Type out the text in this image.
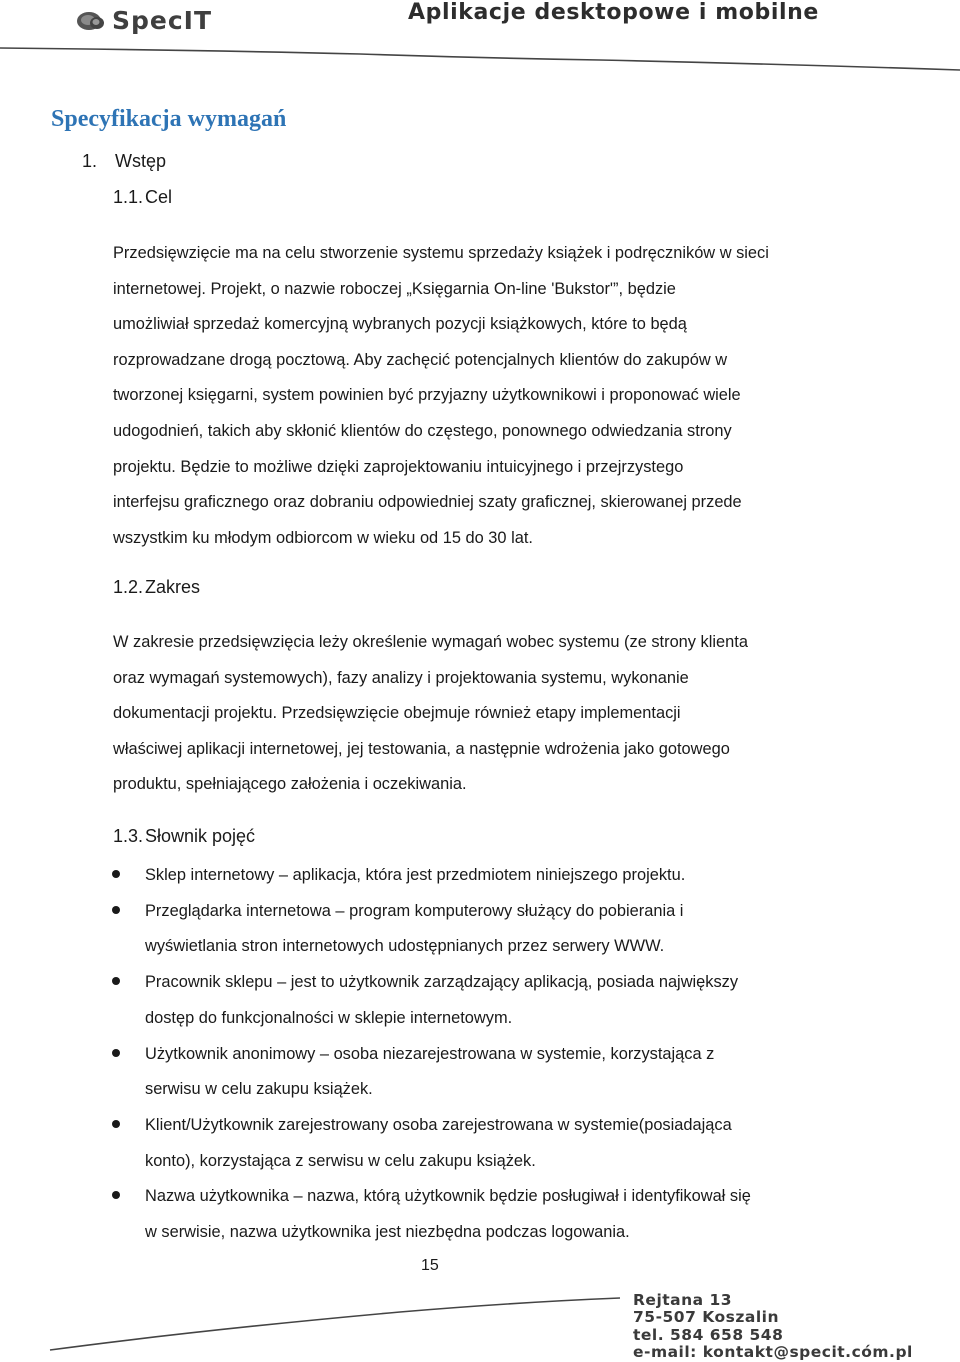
SpecIT	Aplikacje desktopowe i mobilne
Specyfikacja wymagań
1. Wstęp
1.1. Cel
Przedsięwzięcie ma na celu stworzenie systemu sprzedaży książek i podręczników w sieci
internetowej. Projekt, o nazwie roboczej „Księgarnia On-line 'Bukstor'”, będzie
umożliwiał sprzedaż komercyjną wybranych pozycji książkowych, które to będą
rozprowadzane drogą pocztową. Aby zachęcić potencjalnych klientów do zakupów w
tworzonej księgarni, system powinien być przyjazny użytkownikowi i proponować wiele
udogodnień, takich aby skłonić klientów do częstego, ponownego odwiedzania strony
projektu. Będzie to możliwe dzięki zaprojektowaniu intuicyjnego i przejrzystego
interfejsu graficznego oraz dobraniu odpowiedniej szaty graficznej, skierowanej przede
wszystkim ku młodym odbiorcom w wieku od 15 do 30 lat.
1.2. Zakres
W zakresie przedsięwzięcia leży określenie wymagań wobec systemu (ze strony klienta
oraz wymagań systemowych), fazy analizy i projektowania systemu, wykonanie
dokumentacji projektu. Przedsięwzięcie obejmuje również etapy implementacji
właściwej aplikacji internetowej, jej testowania, a następnie wdrożenia jako gotowego
produktu, spełniającego założenia i oczekiwania.
1.3. Słownik pojęć
Sklep internetowy – aplikacja, która jest przedmiotem niniejszego projektu.
Przeglądarka internetowa – program komputerowy służący do pobierania i
wyświetlania stron internetowych udostępnianych przez serwery WWW.
Pracownik sklepu – jest to użytkownik zarządzający aplikacją, posiada największy
dostęp do funkcjonalności w sklepie internetowym.
Użytkownik anonimowy – osoba niezarejestrowana w systemie, korzystająca z
serwisu w celu zakupu książek.
Klient/Użytkownik zarejestrowany osoba zarejestrowana w systemie(posiadająca
konto), korzystająca z serwisu w celu zakupu książek.
Nazwa użytkownika – nazwa, którą użytkownik będzie posługiwał i identyfikował się
w serwisie, nazwa użytkownika jest niezbędna podczas logowania.
15
Rejtana 13
75-507 Koszalin
tel. 584 658 548
e-mail: kontakt@specit.cóm.pl
